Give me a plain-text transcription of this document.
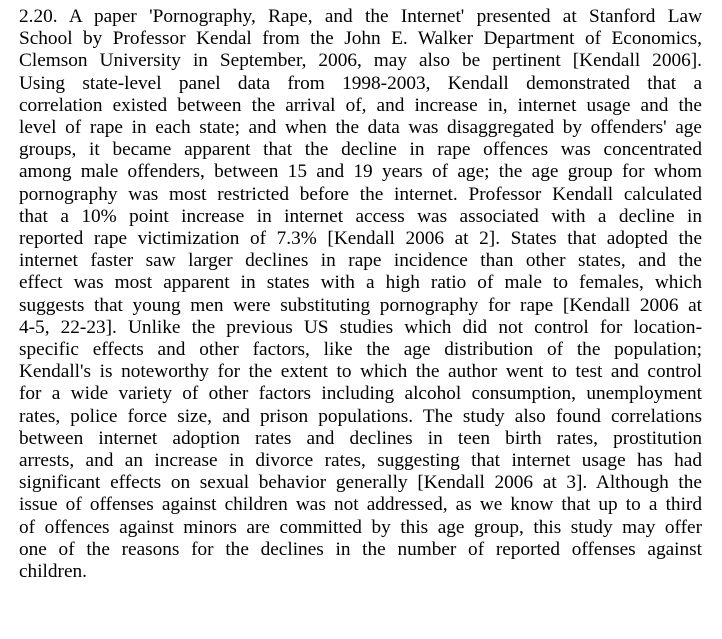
2.20. A paper 'Pornography, Rape, and the Internet' presented at Stanford Law
School by Professor Kendal from the John E. Walker Department of Economics,
Clemson University in September, 2006, may also be pertinent [Kendall 2006].
Using state-level panel data from 1998-2003, Kendall demonstrated that a
correlation existed between the arrival of, and increase in, internet usage and the
level of rape in each state; and when the data was disaggregated by offenders' age
groups, it became apparent that the decline in rape offences was concentrated
among male offenders, between 15 and 19 years of age; the age group for whom
pornography was most restricted before the internet. Professor Kendall calculated
that a 10% point increase in internet access was associated with a decline in
reported rape victimization of 7.3% [Kendall 2006 at 2]. States that adopted the
internet faster saw larger declines in rape incidence than other states, and the
effect was most apparent in states with a high ratio of male to females, which
suggests that young men were substituting pornography for rape [Kendall 2006 at
4-5, 22-23]. Unlike the previous US studies which did not control for location-
specific effects and other factors, like the age distribution of the population;
Kendall's is noteworthy for the extent to which the author went to test and control
for a wide variety of other factors including alcohol consumption, unemployment
rates, police force size, and prison populations. The study also found correlations
between internet adoption rates and declines in teen birth rates, prostitution
arrests, and an increase in divorce rates, suggesting that internet usage has had
significant effects on sexual behavior generally [Kendall 2006 at 3]. Although the
issue of offenses against children was not addressed, as we know that up to a third
of offences against minors are committed by this age group, this study may offer
one of the reasons for the declines in the number of reported offenses against
children.
